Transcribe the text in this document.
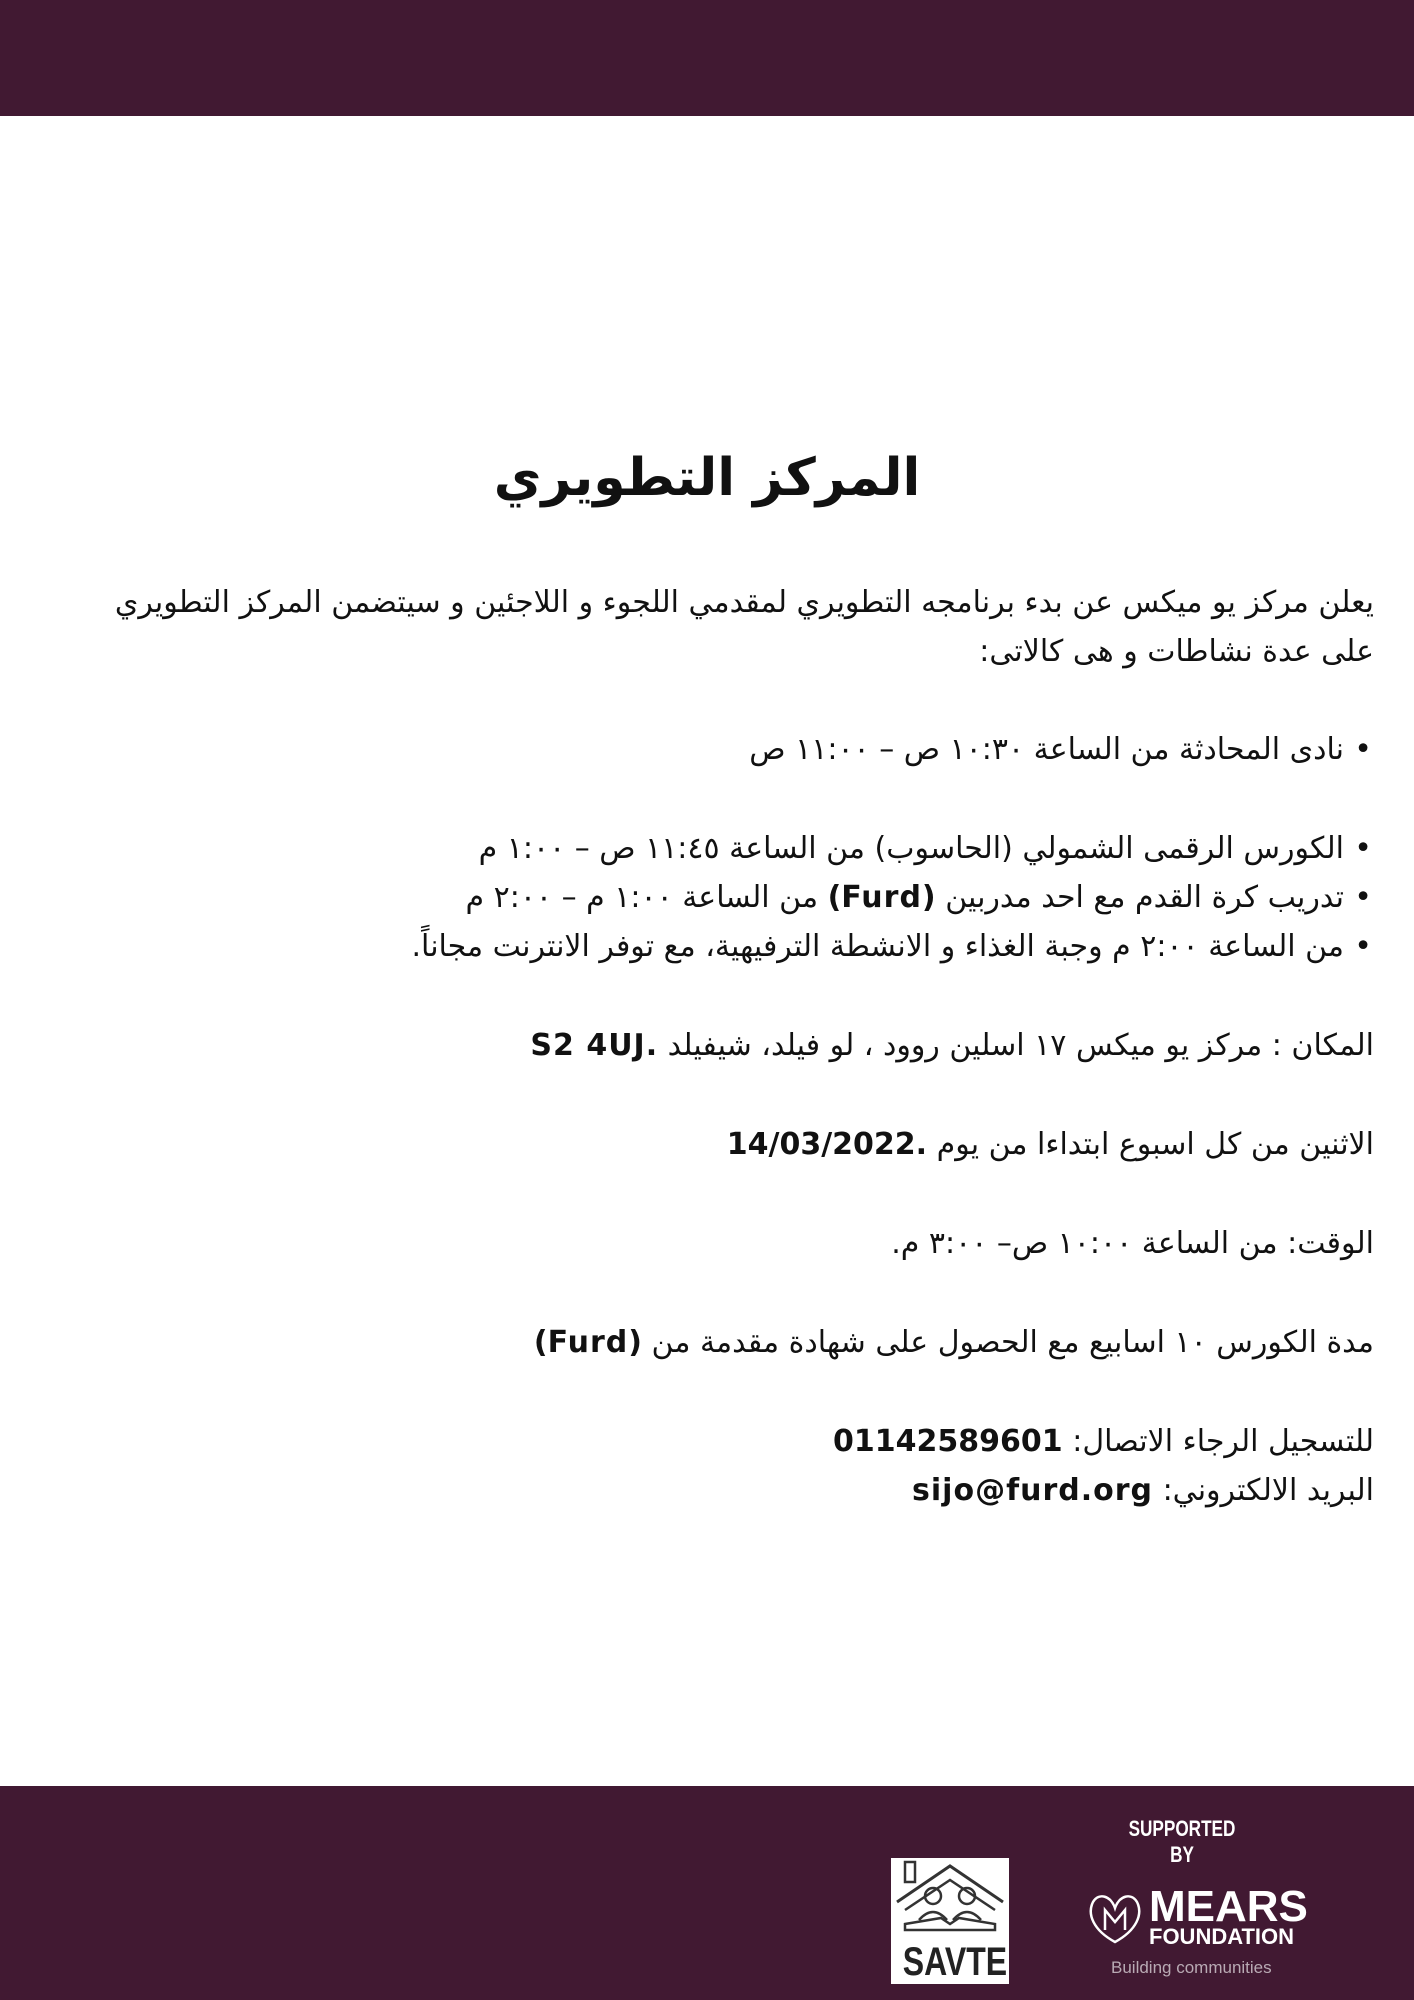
المركز التطويري

يعلن مركز يو ميكس عن بدء برنامجه التطويري لمقدمي اللجوء و اللاجئين و سيتضمن المركز التطويري على عدة نشاطات و هى كالاتى:

• نادى المحادثة من الساعة ١٠:٣٠ ص – ١١:٠٠ ص
• الكورس الرقمى الشمولي (الحاسوب) من الساعة ١١:٤٥ ص – ١:٠٠ م
• تدريب كرة القدم مع احد مدربين (Furd) من الساعة ١:٠٠ م – ٢:٠٠ م
• من الساعة ٢:٠٠ م وجبة الغذاء و الانشطة الترفيهية، مع توفر الانترنت مجاناً.

المكان : مركز يو ميكس ١٧ اسلين روود ، لو فيلد، شيفيلد S2 4UJ.

الاثنين من كل اسبوع ابتداءا من يوم 14/03/2022.

الوقت: من الساعة ١٠:٠٠ ص– ٣:٠٠ م.

مدة الكورس ١٠ اسابيع مع الحصول على شهادة مقدمة من (Furd)

للتسجيل الرجاء الاتصال: 01142589601

البريد الالكتروني: sijo@furd.org

SUPPORTED BY
SAVTE
MEARS
FOUNDATION
Building communities
